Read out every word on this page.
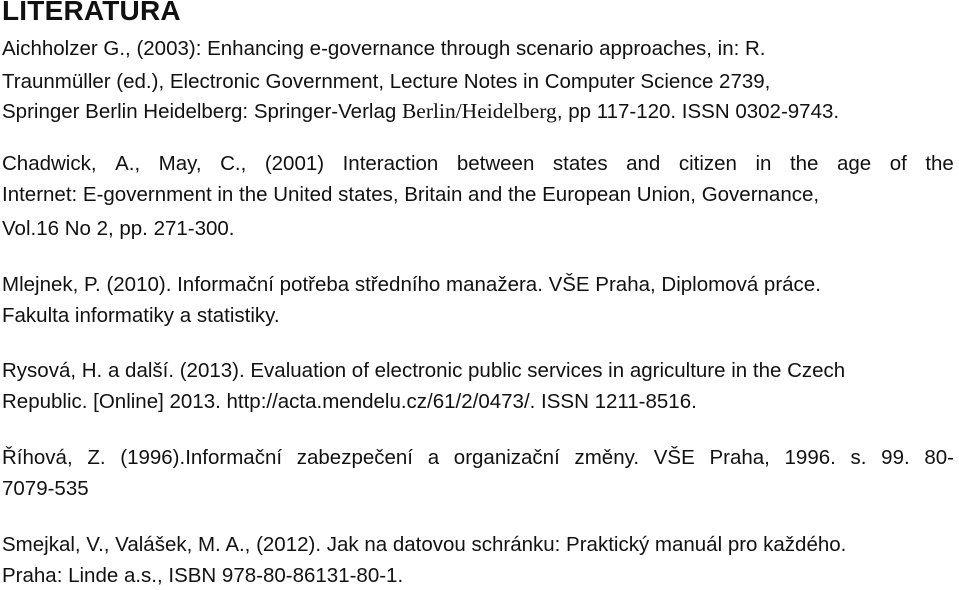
LITERATURA
Aichholzer G., (2003): Enhancing e-governance through scenario approaches, in: R.
Traunmüller (ed.), Electronic Government, Lecture Notes in Computer Science 2739,
Springer Berlin Heidelberg: Springer-Verlag Berlin/Heidelberg, pp 117-120. ISSN 0302-9743.
Chadwick, A., May, C., (2001) Interaction between states and citizen in the age of the
Internet: E-government in the United states, Britain and the European Union, Governance,
Vol.16 No 2, pp. 271-300.
Mlejnek, P. (2010). Informační potřeba středního manažera. VŠE Praha, Diplomová práce.
Fakulta informatiky a statistiky.
Rysová, H. a další. (2013). Evaluation of electronic public services in agriculture in the Czech
Republic. [Online] 2013. http://acta.mendelu.cz/61/2/0473/. ISSN 1211-8516.
Říhová, Z. (1996).Informační zabezpečení a organizační změny. VŠE Praha, 1996. s. 99. 80-
7079-535
Smejkal, V., Valášek, M. A., (2012). Jak na datovou schránku: Praktický manuál pro každého.
Praha: Linde a.s., ISBN 978-80-86131-80-1.
